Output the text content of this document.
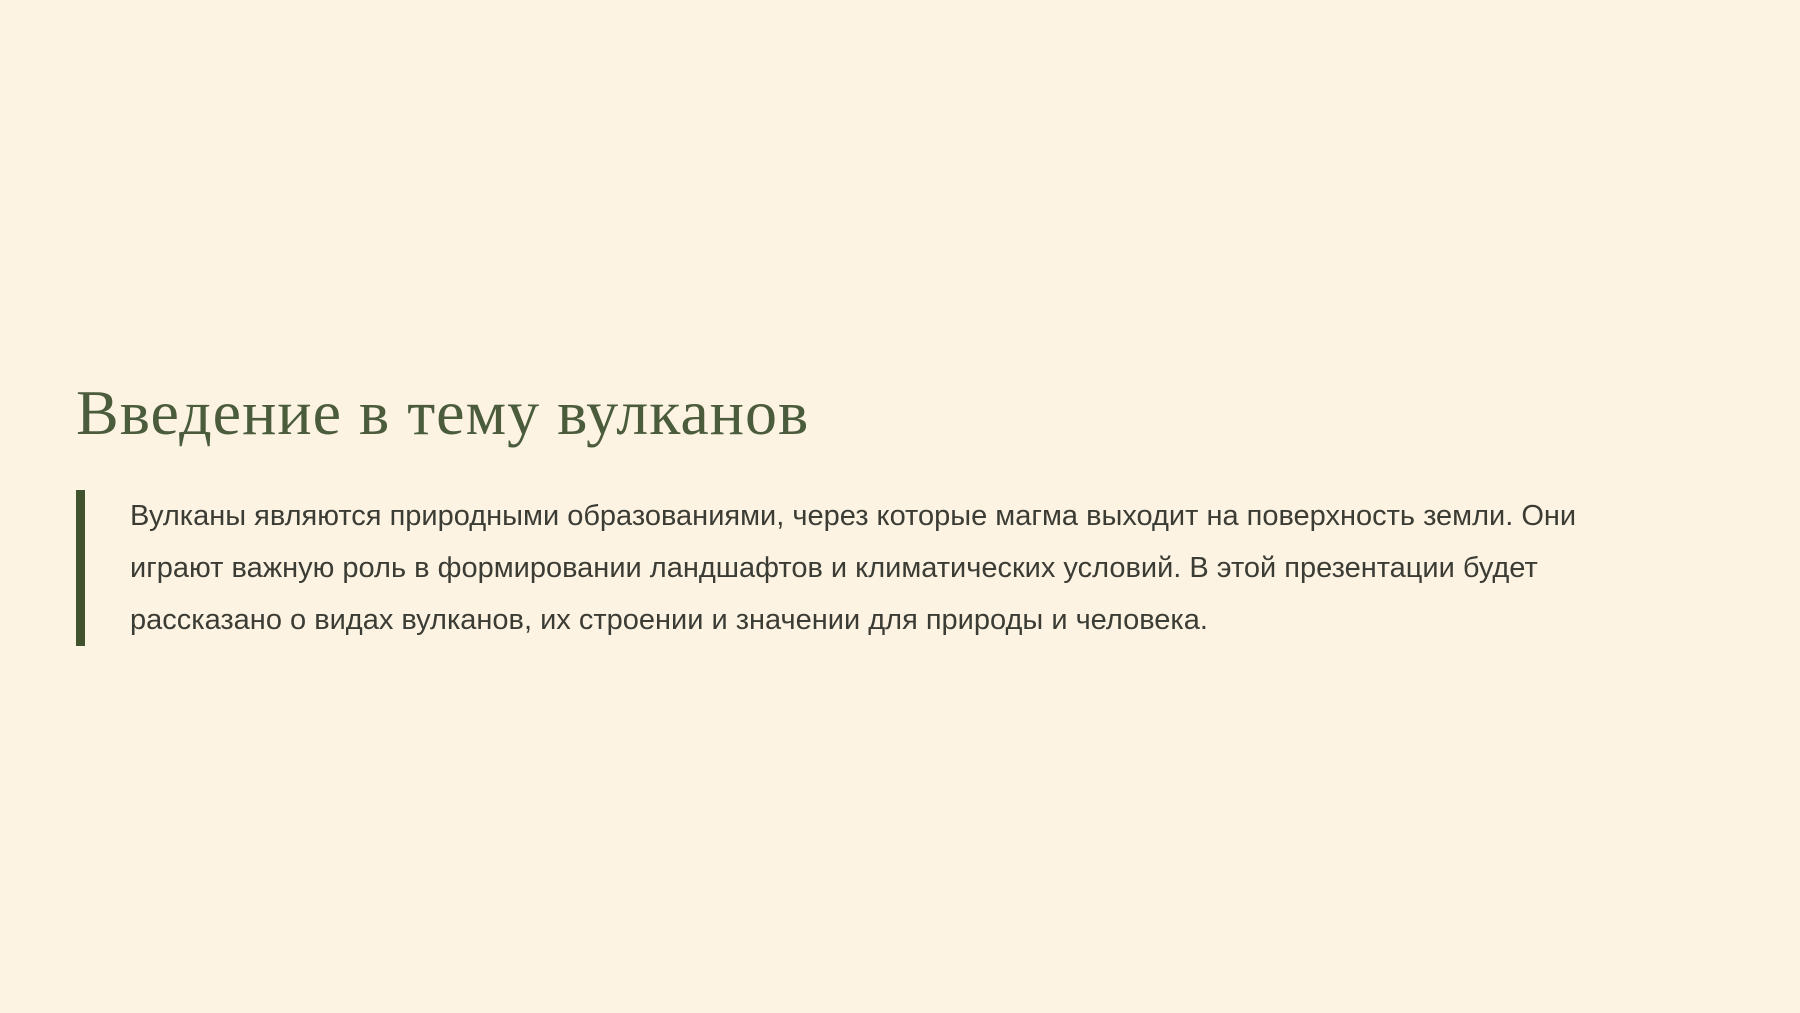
Введение в тему вулканов

Вулканы являются природными образованиями, через которые магма выходит на поверхность земли. Они играют важную роль в формировании ландшафтов и климатических условий. В этой презентации будет рассказано о видах вулканов, их строении и значении для природы и человека.
